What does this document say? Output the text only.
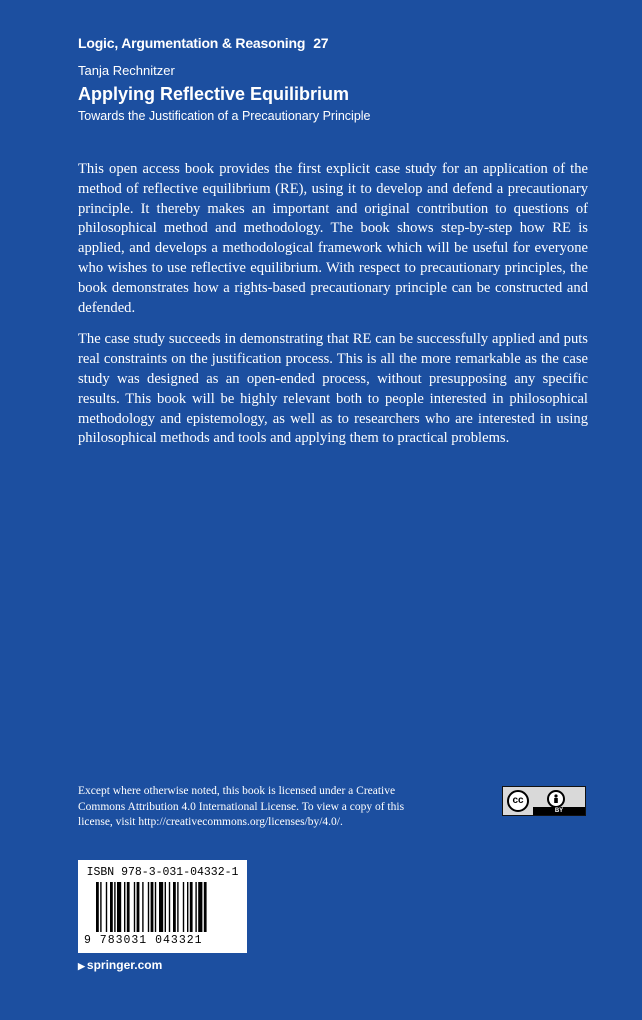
Logic, Argumentation & Reasoning 27
Tanja Rechnitzer
Applying Reflective Equilibrium
Towards the Justification of a Precautionary Principle

This open access book provides the first explicit case study for an application of the method of reflective equilibrium (RE), using it to develop and defend a precautionary principle. It thereby makes an important and original contribution to questions of philosophical method and methodology. The book shows step-by-step how RE is applied, and develops a methodological framework which will be useful for everyone who wishes to use reflective equilibrium. With respect to precautionary principles, the book demonstrates how a rights-based precautionary principle can be constructed and defended.

The case study succeeds in demonstrating that RE can be successfully applied and puts real constraints on the justification process. This is all the more remarkable as the case study was designed as an open-ended process, without presupposing any specific results. This book will be highly relevant both to people interested in philosophical methodology and epistemology, as well as to researchers who are interested in using philosophical methods and tools and applying them to practical problems.

Except where otherwise noted, this book is licensed under a Creative Commons Attribution 4.0 International License. To view a copy of this license, visit http://creativecommons.org/licenses/by/4.0/.
cc
BY
ISBN 978-3-031-04332-1
9 783031 043321
▶ springer.com
